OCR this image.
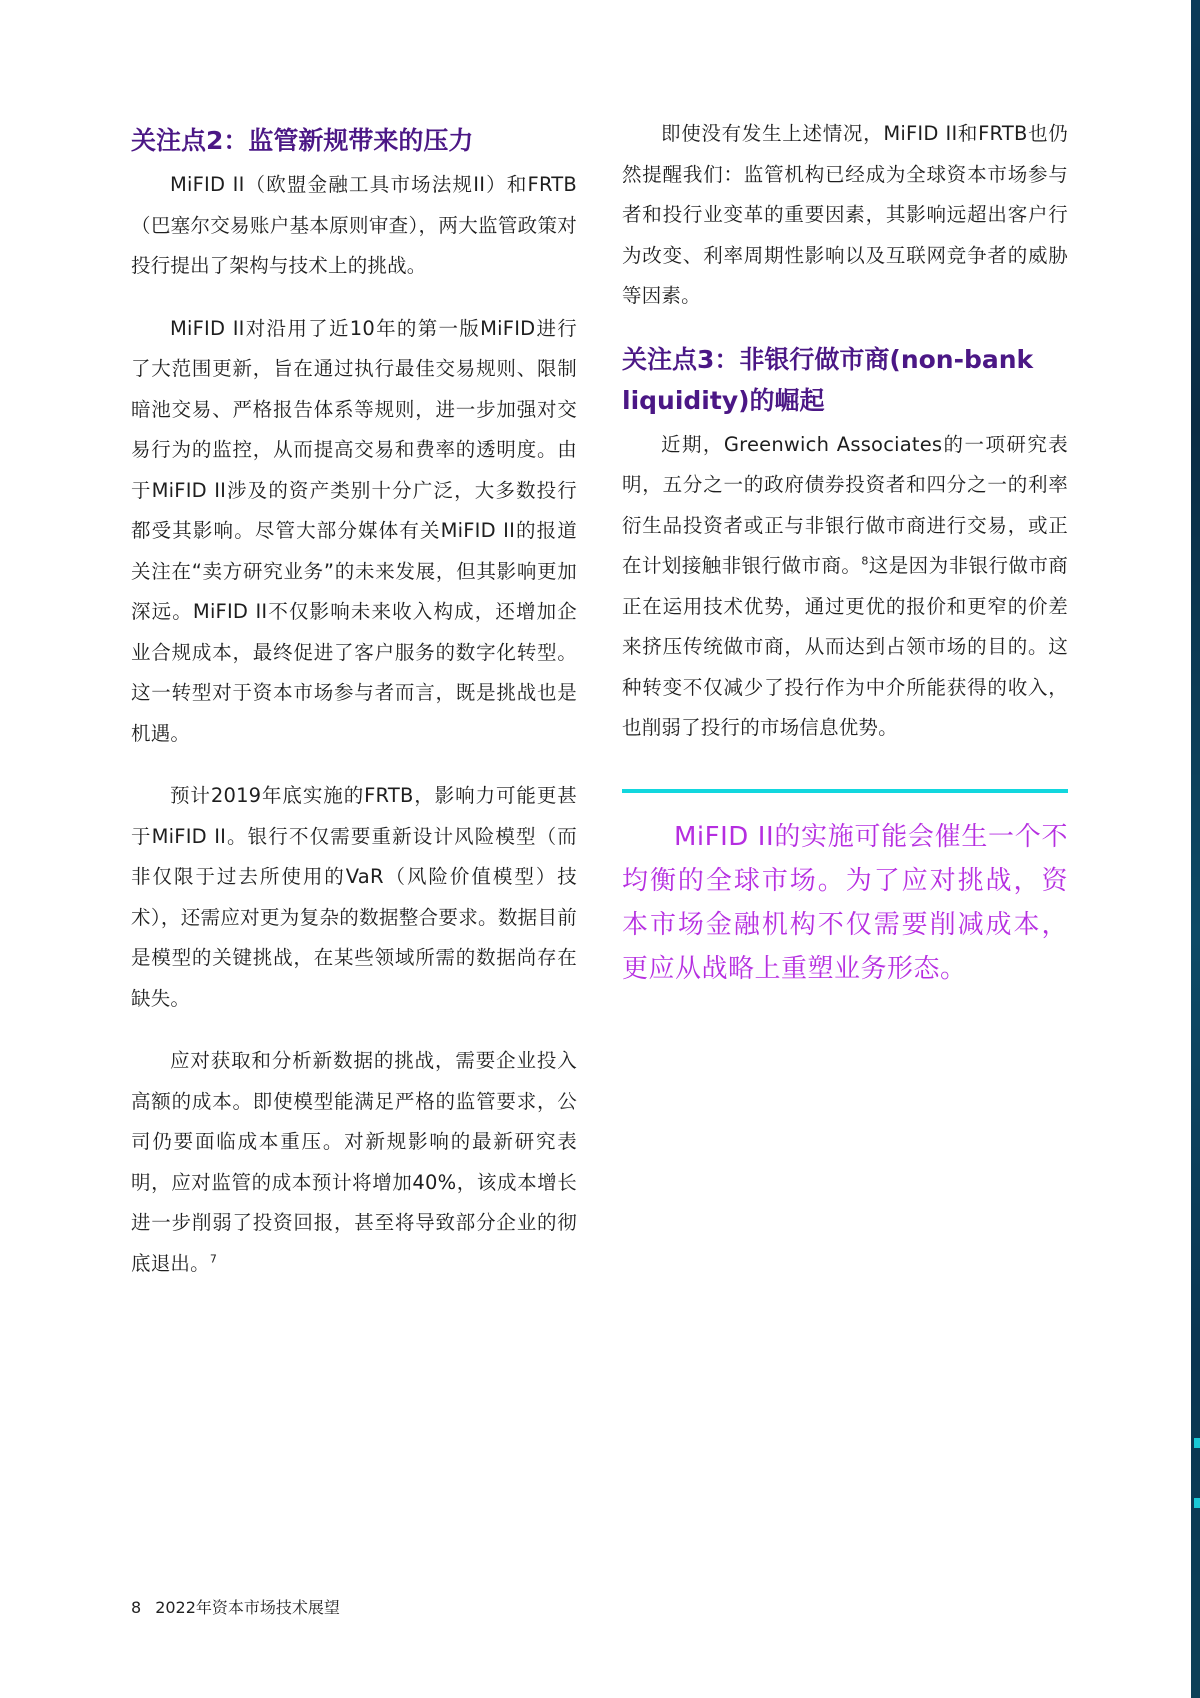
关注点2：监管新规带来的压力

MiFID II（欧盟金融工具市场法规II）和FRTB（巴塞尔交易账户基本原则审查），两大监管政策对投行提出了架构与技术上的挑战。

MiFID II对沿用了近10年的第一版MiFID进行了大范围更新，旨在通过执行最佳交易规则、限制暗池交易、严格报告体系等规则，进一步加强对交易行为的监控，从而提高交易和费率的透明度。由于MiFID II涉及的资产类别十分广泛，大多数投行都受其影响。尽管大部分媒体有关MiFID II的报道关注在“卖方研究业务”的未来发展，但其影响更加深远。MiFID II不仅影响未来收入构成，还增加企业合规成本，最终促进了客户服务的数字化转型。这一转型对于资本市场参与者而言，既是挑战也是机遇。

预计2019年底实施的FRTB，影响力可能更甚于MiFID II。银行不仅需要重新设计风险模型（而非仅限于过去所使用的VaR（风险价值模型）技术），还需应对更为复杂的数据整合要求。数据目前是模型的关键挑战，在某些领域所需的数据尚存在缺失。

应对获取和分析新数据的挑战，需要企业投入高额的成本。即使模型能满足严格的监管要求，公司仍要面临成本重压。对新规影响的最新研究表明，应对监管的成本预计将增加40%，该成本增长进一步削弱了投资回报，甚至将导致部分企业的彻底退出。$^7$

即使没有发生上述情况，MiFID II和FRTB也仍然提醒我们：监管机构已经成为全球资本市场参与者和投行业变革的重要因素，其影响远超出客户行为改变、利率周期性影响以及互联网竞争者的威胁等因素。

关注点3：非银行做市商(non-bank liquidity)的崛起

近期，Greenwich Associates的一项研究表明，五分之一的政府债券投资者和四分之一的利率衍生品投资者或正与非银行做市商进行交易，或正在计划接触非银行做市商。$^8$这是因为非银行做市商正在运用技术优势，通过更优的报价和更窄的价差来挤压传统做市商，从而达到占领市场的目的。这种转变不仅减少了投行作为中介所能获得的收入，也削弱了投行的市场信息优势。

MiFID II的实施可能会催生一个不均衡的全球市场。为了应对挑战，资本市场金融机构不仅需要削减成本，更应从战略上重塑业务形态。

8 2022年资本市场技术展望
